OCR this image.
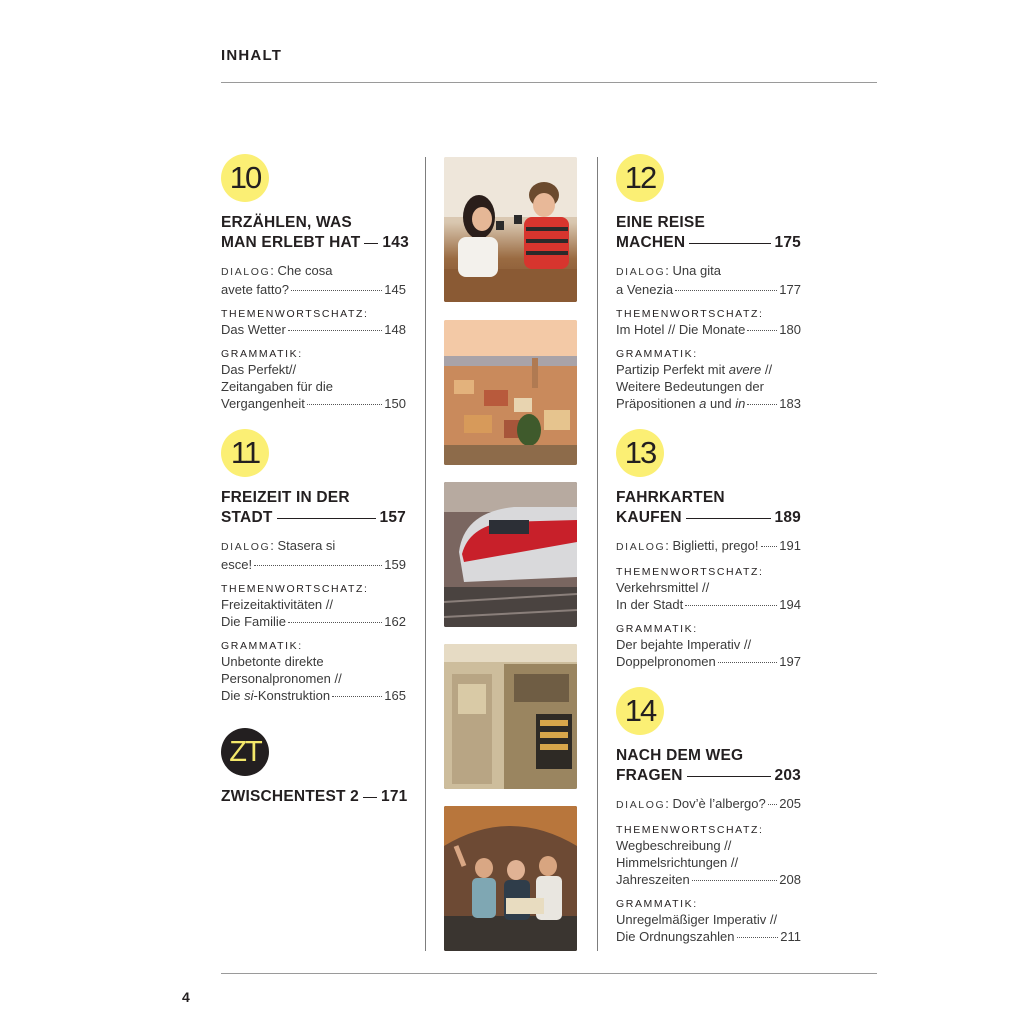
INHALT
10
ERZÄHLEN, WAS
MAN ERLEBT HAT 143
DIALOG: Che cosa
avete fatto?	145
THEMENWORTSCHATZ:
Das Wetter	148
GRAMMATIK:
Das Perfekt//
Zeitangaben für die
Vergangenheit	150
11
FREIZEIT IN DER
STADT	157
DIALOG: Stasera si
esce!	159
THEMENWORTSCHATZ:
Freizeitaktivitäten //
Die Familie	162
GRAMMATIK:
Unbetonte direkte
Personalpronomen //
Die si-Konstruktion	165
ZT
ZWISCHENTEST 2 171
12
EINE REISE
MACHEN	175
DIALOG: Una gita
a Venezia	177
THEMENWORTSCHATZ:
Im Hotel // Die Monate	180
GRAMMATIK:
Partizip Perfekt mit avere //
Weitere Bedeutungen der
Präpositionen a und in	183
13
FAHRKARTEN
KAUFEN	189
DIALOG: Biglietti, prego! 191
THEMENWORTSCHATZ:
Verkehrsmittel //
In der Stadt	194
GRAMMATIK:
Der bejahte Imperativ //
Doppelpronomen	197
14
NACH DEM WEG
FRAGEN	203
DIALOG: Dov’è l’albergo? 205
THEMENWORTSCHATZ:
Wegbeschreibung //
Himmelsrichtungen //
Jahreszeiten	208
GRAMMATIK:
Unregelmäßiger Imperativ //
Die Ordnungszahlen	211
4
